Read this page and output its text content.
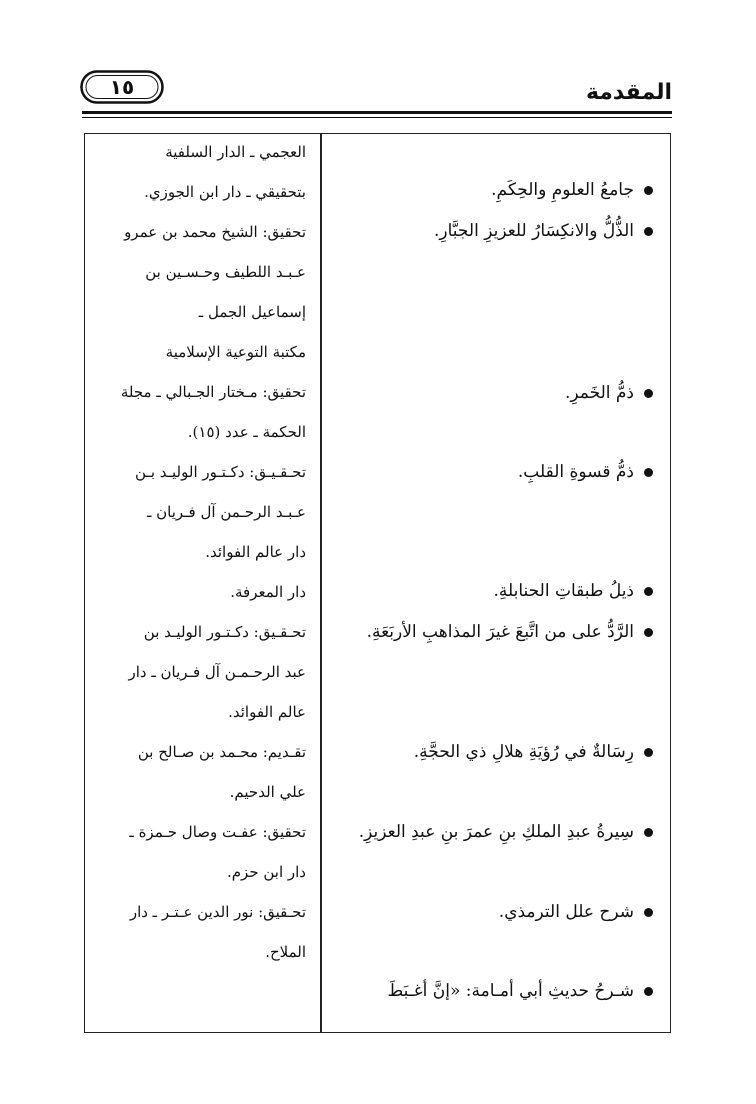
المقدمة
١٥
جامعُ العلومِ والحِكَمِ.
الذُّلُّ والانكِسَارُ للعزيزِ الجبَّارِ.
ذمُّ الخَمرِ.
ذمُّ قسوةِ القلبِ.
ذيلُ طبقاتِ الحنابلةِ.
الرَّدُّ على من اتَّبعَ غيرَ المذاهبِ الأربَعَةِ.
رِسَالةٌ في رُؤيَةِ هلالِ ذي الحجَّةِ.
سِيرةُ عبدِ الملكِ بنِ عمرَ بنِ عبدِ العزيزِ.
شرح علل الترمذي.
شـرحُ حديثِ أبي أمـامة: «إنَّ أغـبَطَ
العجمي ـ الدار السلفية
بتحقيقي ـ دار ابن الجوزي.
تحقيق: الشيخ محمد بن عمرو
عـبـد اللطيف وحـسـين بن
إسماعيل الجمل ـ
مكتبة التوعية الإسلامية
تحقيق: مـختار الجـبالي ـ مجلة
الحكمة ـ عدد (١٥).
تحـقـيـق: دكـتـور الوليـد بـن
عـبـد الرحـمن آل فـريان ـ
دار عالم الفوائد.
دار المعرفة.
تحـقـيق: دكـتـور الوليـد بن
عبد الرحـمـن آل فـريان ـ دار
عالم الفوائد.
تقـديم: محـمد بن صـالح بن
علي الدحيم.
تحقيق: عفـت وصال حـمزة ـ
دار ابن حزم.
تحـقيق: نور الدين عـتـر ـ دار
الملاح.
